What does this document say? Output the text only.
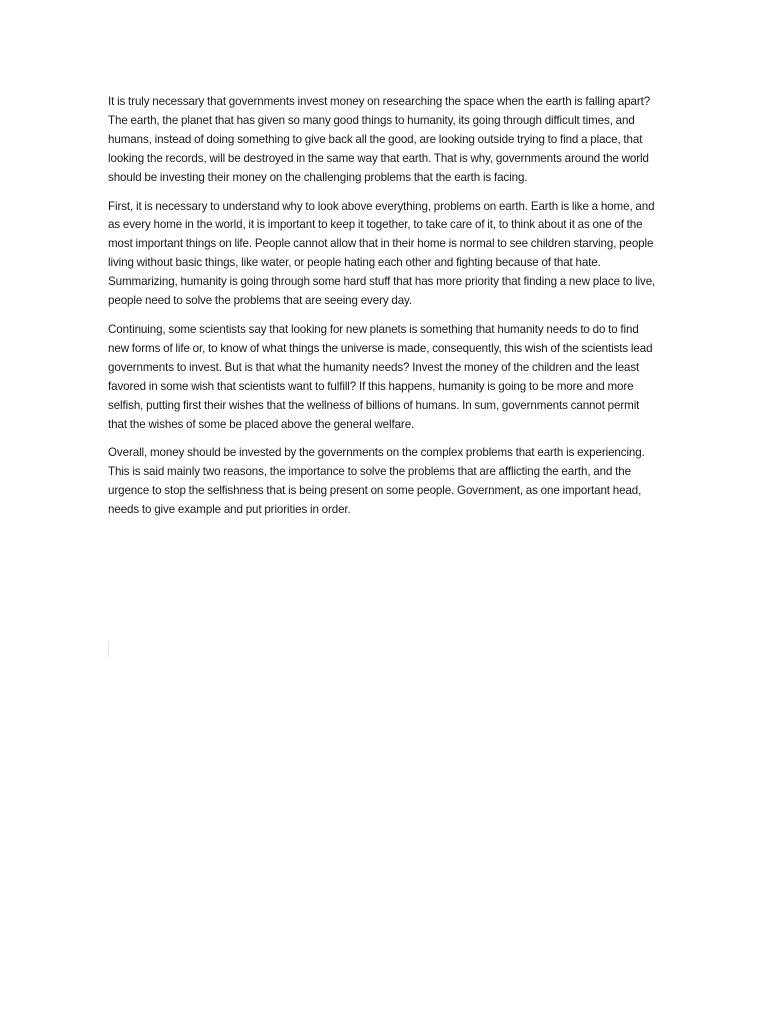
It is truly necessary that governments invest money on researching the space when the earth is falling apart? The earth, the planet that has given so many good things to humanity, its going through difficult times, and humans, instead of doing something to give back all the good, are looking outside trying to find a place, that looking the records, will be destroyed in the same way that earth. That is why, governments around the world should be investing their money on the challenging problems that the earth is facing.

First, it is necessary to understand why to look above everything, problems on earth. Earth is like a home, and as every home in the world, it is important to keep it together, to take care of it, to think about it as one of the most important things on life. People cannot allow that in their home is normal to see children starving, people living without basic things, like water, or people hating each other and fighting because of that hate. Summarizing, humanity is going through some hard stuff that has more priority that finding a new place to live, people need to solve the problems that are seeing every day.

Continuing, some scientists say that looking for new planets is something that humanity needs to do to find new forms of life or, to know of what things the universe is made, consequently, this wish of the scientists lead governments to invest. But is that what the humanity needs? Invest the money of the children and the least favored in some wish that scientists want to fulfill? If this happens, humanity is going to be more and more selfish, putting first their wishes that the wellness of billions of humans. In sum, governments cannot permit that the wishes of some be placed above the general welfare.

Overall, money should be invested by the governments on the complex problems that earth is experiencing. This is said mainly two reasons, the importance to solve the problems that are afflicting the earth, and the urgence to stop the selfishness that is being present on some people. Government, as one important head, needs to give example and put priorities in order.
